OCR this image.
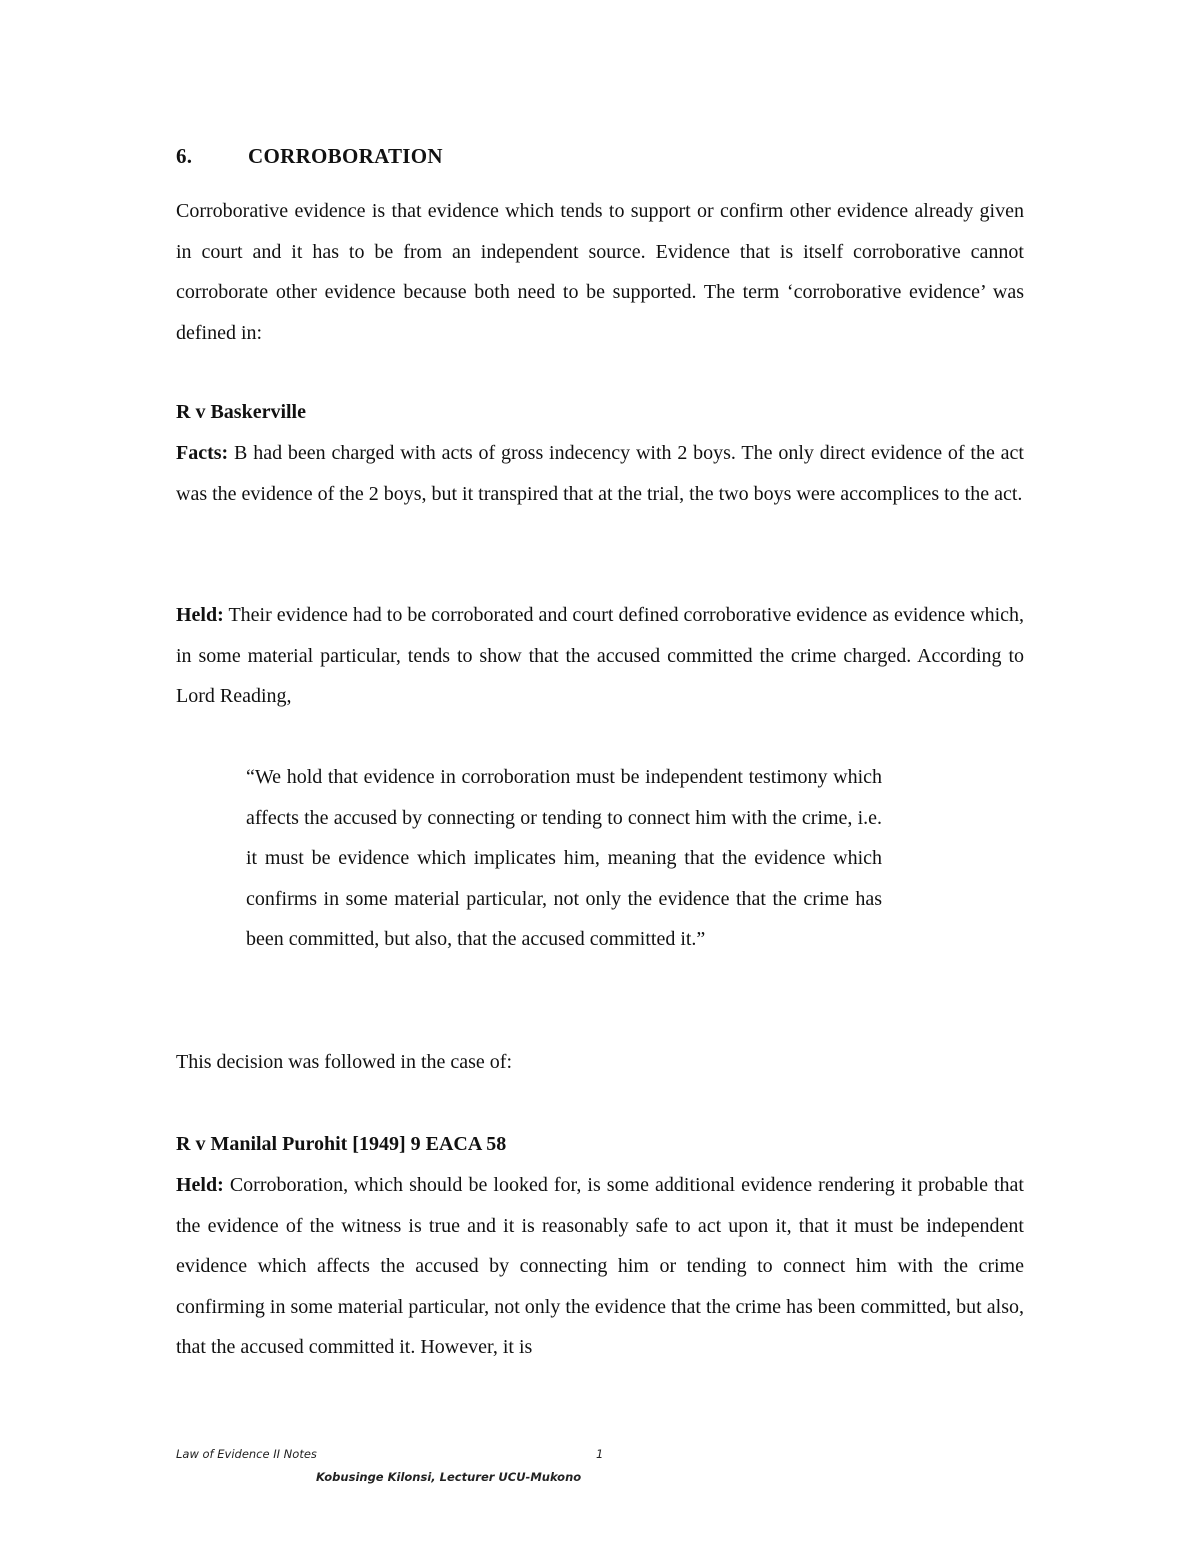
6.	CORROBORATION

Corroborative evidence is that evidence which tends to support or confirm other evidence already given in court and it has to be from an independent source. Evidence that is itself corroborative cannot corroborate other evidence because both need to be supported. The term ‘corroborative evidence’ was defined in:

R v Baskerville

Facts: B had been charged with acts of gross indecency with 2 boys. The only direct evidence of the act was the evidence of the 2 boys, but it transpired that at the trial, the two boys were accomplices to the act.

Held: Their evidence had to be corroborated and court defined corroborative evidence as evidence which, in some material particular, tends to show that the accused committed the crime charged. According to Lord Reading,

“We hold that evidence in corroboration must be independent testimony which affects the accused by connecting or tending to connect him with the crime, i.e. it must be evidence which implicates him, meaning that the evidence which confirms in some material particular, not only the evidence that the crime has been committed, but also, that the accused committed it.”

This decision was followed in the case of:

R v Manilal Purohit [1949] 9 EACA 58

Held: Corroboration, which should be looked for, is some additional evidence rendering it probable that the evidence of the witness is true and it is reasonably safe to act upon it, that it must be independent evidence which affects the accused by connecting him or tending to connect him with the crime confirming in some material particular, not only the evidence that the crime has been committed, but also, that the accused committed it. However, it is

Law of Evidence II Notes	1
Kobusinge Kilonsi, Lecturer UCU-Mukono
